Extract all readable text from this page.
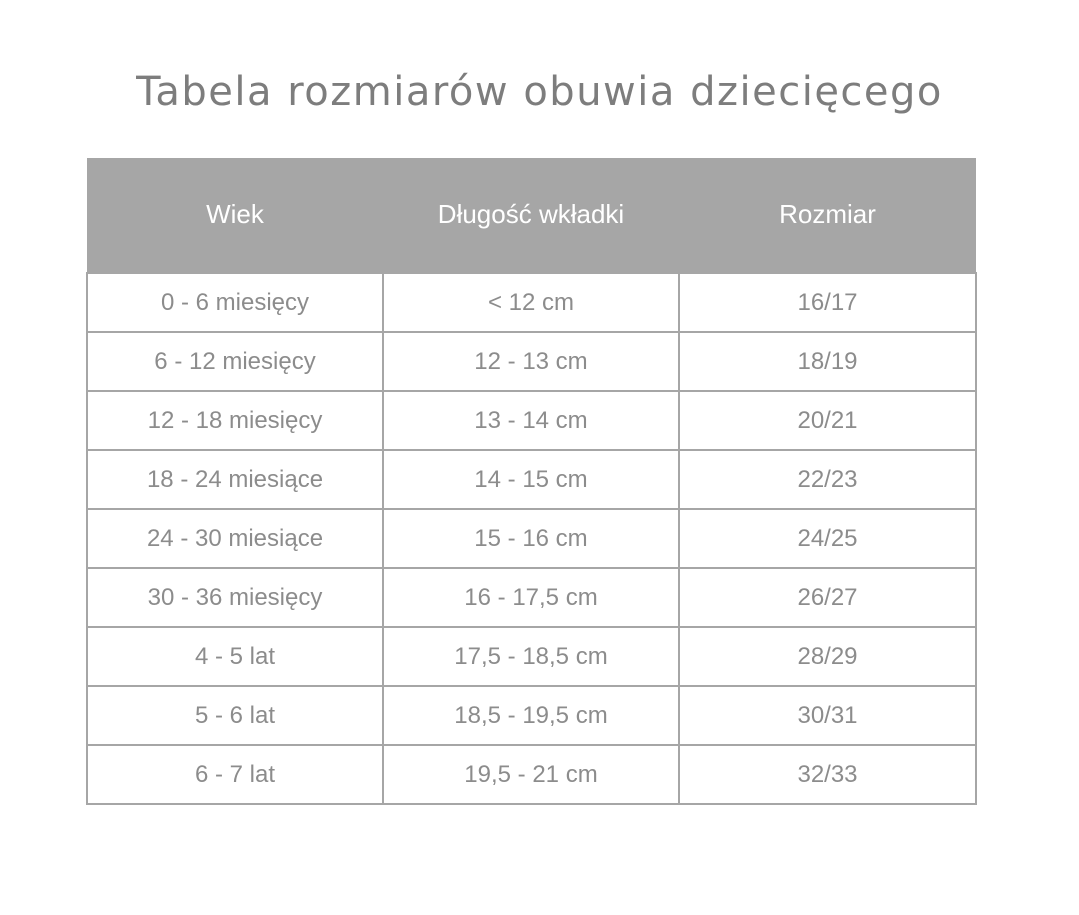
Tabela rozmiarów obuwia dziecięcego
Wiek	Długość wkładki	Rozmiar
0 - 6 miesięcy	< 12 cm	16/17
6 - 12 miesięcy	12 - 13 cm	18/19
12 - 18 miesięcy	13 - 14 cm	20/21
18 - 24 miesiące	14 - 15 cm	22/23
24 - 30 miesiące	15 - 16 cm	24/25
30 - 36 miesięcy	16 - 17,5 cm	26/27
4 - 5 lat	17,5 - 18,5 cm	28/29
5 - 6 lat	18,5 - 19,5 cm	30/31
6 - 7 lat	19,5 - 21 cm	32/33
